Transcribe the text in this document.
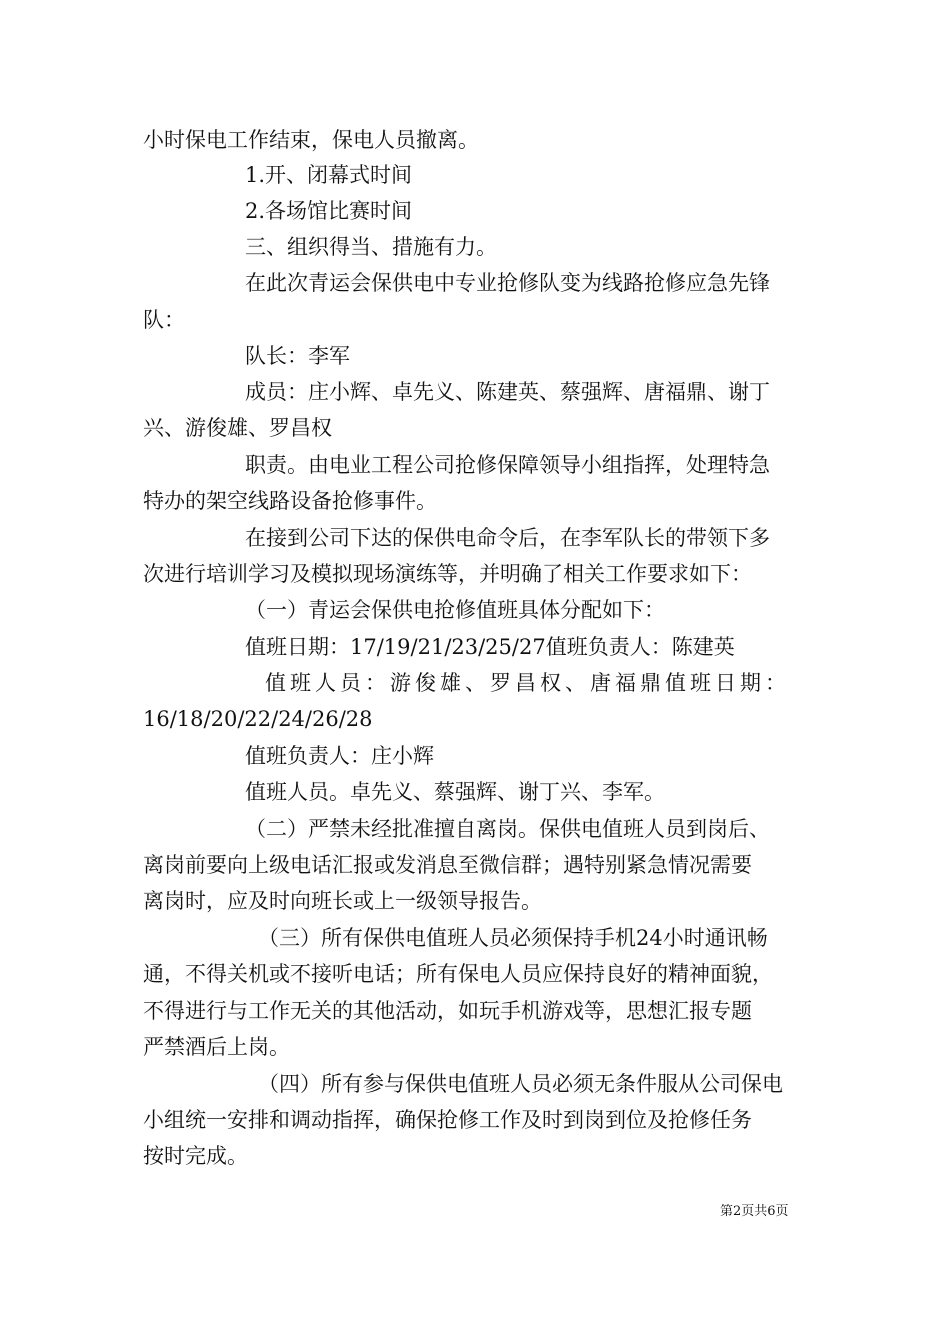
小时保电工作结束，保电人员撤离。
1.开、闭幕式时间
2.各场馆比赛时间
三、组织得当、措施有力。
在此次青运会保供电中专业抢修队变为线路抢修应急先锋
队：
队长：李军
成员：庄小辉、卓先义、陈建英、蔡强辉、唐福鼎、谢丁
兴、游俊雄、罗昌权
职责。由电业工程公司抢修保障领导小组指挥，处理特急
特办的架空线路设备抢修事件。
在接到公司下达的保供电命令后，在李军队长的带领下多
次进行培训学习及模拟现场演练等，并明确了相关工作要求如下：
（一）青运会保供电抢修值班具体分配如下：
值班日期：17/19/21/23/25/27值班负责人：陈建英
值班人员：游俊雄、罗昌权、唐福鼎值班日期：
16/18/20/22/24/26/28
值班负责人：庄小辉
值班人员。卓先义、蔡强辉、谢丁兴、李军。
（二）严禁未经批准擅自离岗。保供电值班人员到岗后、
离岗前要向上级电话汇报或发消息至微信群；遇特别紧急情况需要
离岗时，应及时向班长或上一级领导报告。
（三）所有保供电值班人员必须保持手机24小时通讯畅
通，不得关机或不接听电话；所有保电人员应保持良好的精神面貌，
不得进行与工作无关的其他活动，如玩手机游戏等，思想汇报专题
严禁酒后上岗。
（四）所有参与保供电值班人员必须无条件服从公司保电
小组统一安排和调动指挥，确保抢修工作及时到岗到位及抢修任务
按时完成。
第2页共6页
